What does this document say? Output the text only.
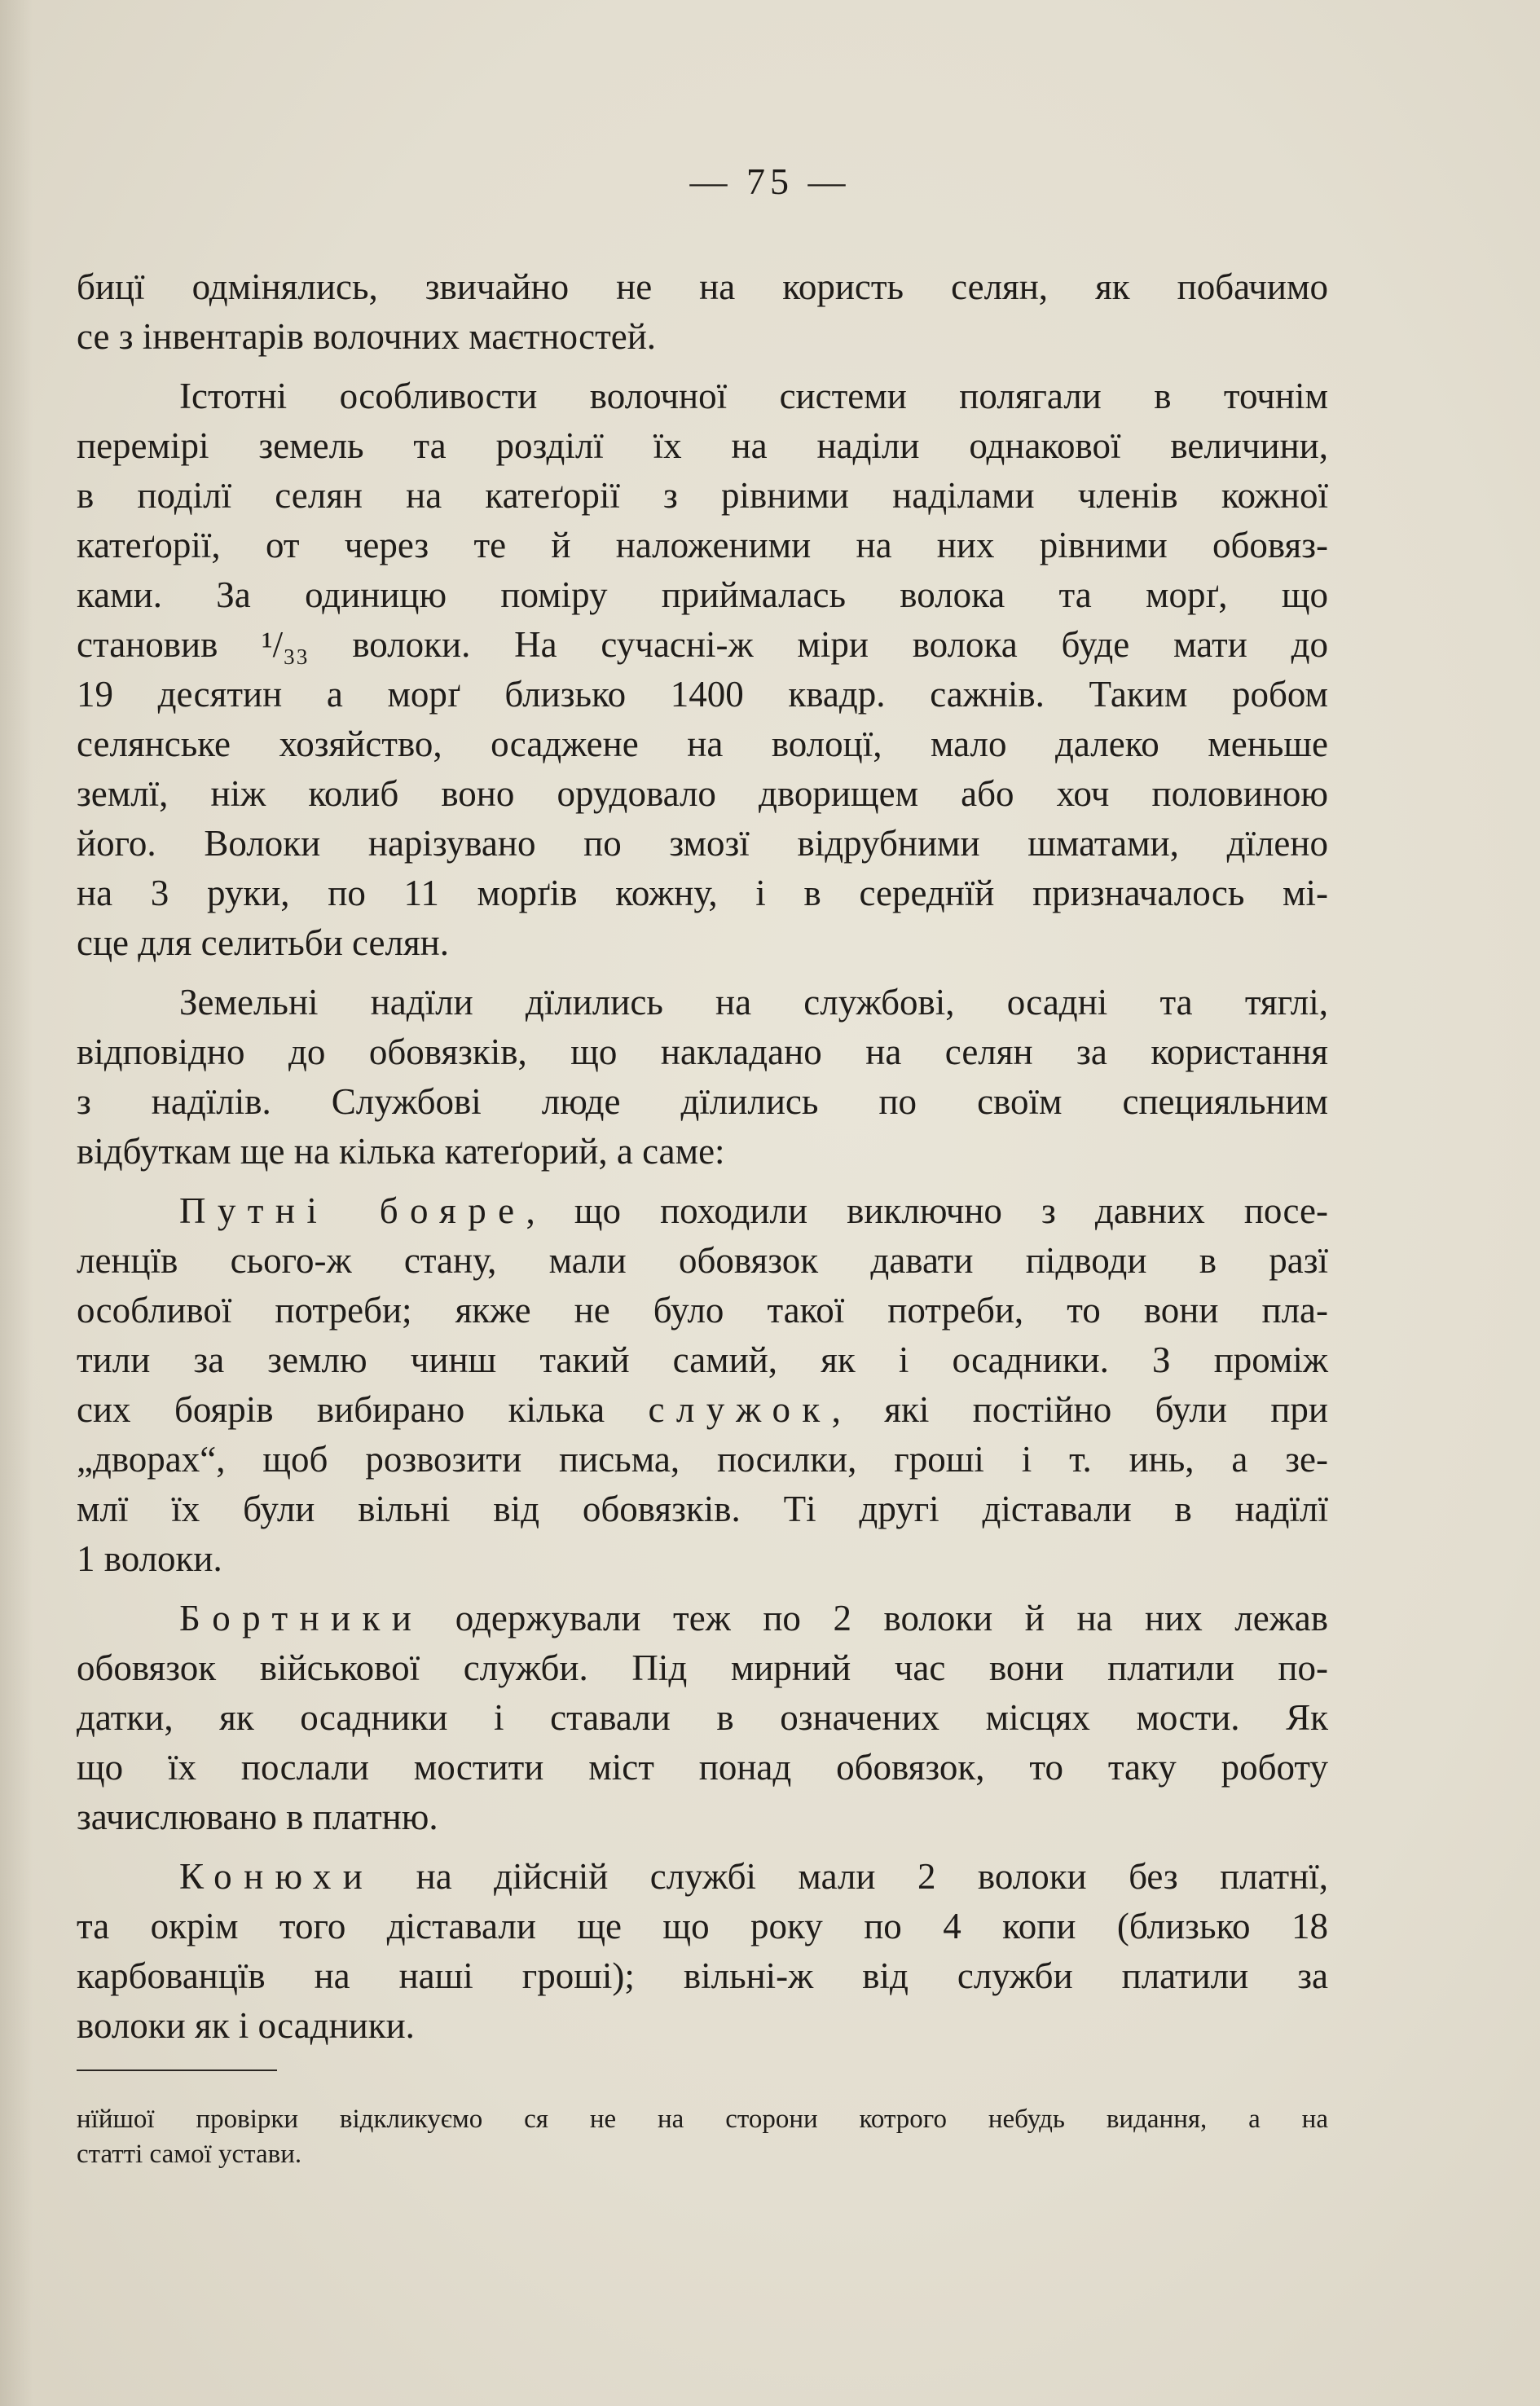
— 75 —
бицї одмінялись, звичайно не на користь селян, як побачимо
се з інвентарів волочних маєтностей.
Істотні особливости волочної системи полягали в точнім
перемірі земель та розділї їх на наділи однакової величини,
в поділї селян на катеґорії з рівними наділами членів кожної
катеґорії, от через те й наложеними на них рівними обовяз-
ками. За одиницю поміру приймалась волока та морґ, що
становив ¹/₃₃ волоки. На сучасні-ж міри волока буде мати до
19 десятин а морґ близько 1400 квадр. сажнів. Таким робом
селянське хозяйство, осаджене на волоцї, мало далеко меньше
землї, ніж колиб воно орудовало дворищем або хоч половиною
його. Волоки нарізувано по змозї відрубними шматами, дїлено
на 3 руки, по 11 морґів кожну, і в середнїй призначалось мі-
сце для селитьби селян.
Земельні надїли дїлились на службові, осадні та тяглі,
відповідно до обовязків, що накладано на селян за користання
з надїлів. Службові люде дїлились по своїм специяльним
відбуткам ще на кілька катеґорий, а саме:
Путні бояре, що походили виключно з давних посе-
ленцїв сього-ж стану, мали обовязок давати підводи в разї
особливої потреби; якже не було такої потреби, то вони пла-
тили за землю чинш такий самий, як і осадники. З проміж
сих боярів вибирано кілька служок, які постійно були при
„дворах“, щоб розвозити письма, посилки, гроші і т. инь, а зе-
млї їх були вільні від обовязків. Ті другі діставали в надїлї
1 волоки.
Бортники одержували теж по 2 волоки й на них лежав
обовязок військової служби. Під мирний час вони платили по-
датки, як осадники і ставали в означених місцях мости. Як
що їх послали мостити міст понад обовязок, то таку роботу
зачислювано в платню.
Конюхи на дійсній службі мали 2 волоки без платнї,
та окрім того діставали ще що року по 4 копи (близько 18
карбованцїв на наші гроші); вільні-ж від служби платили за
волоки як і осадники.
нїйшої провірки відкликуємо ся не на сторони котрого небудь видання, а на
статті самої устави.
